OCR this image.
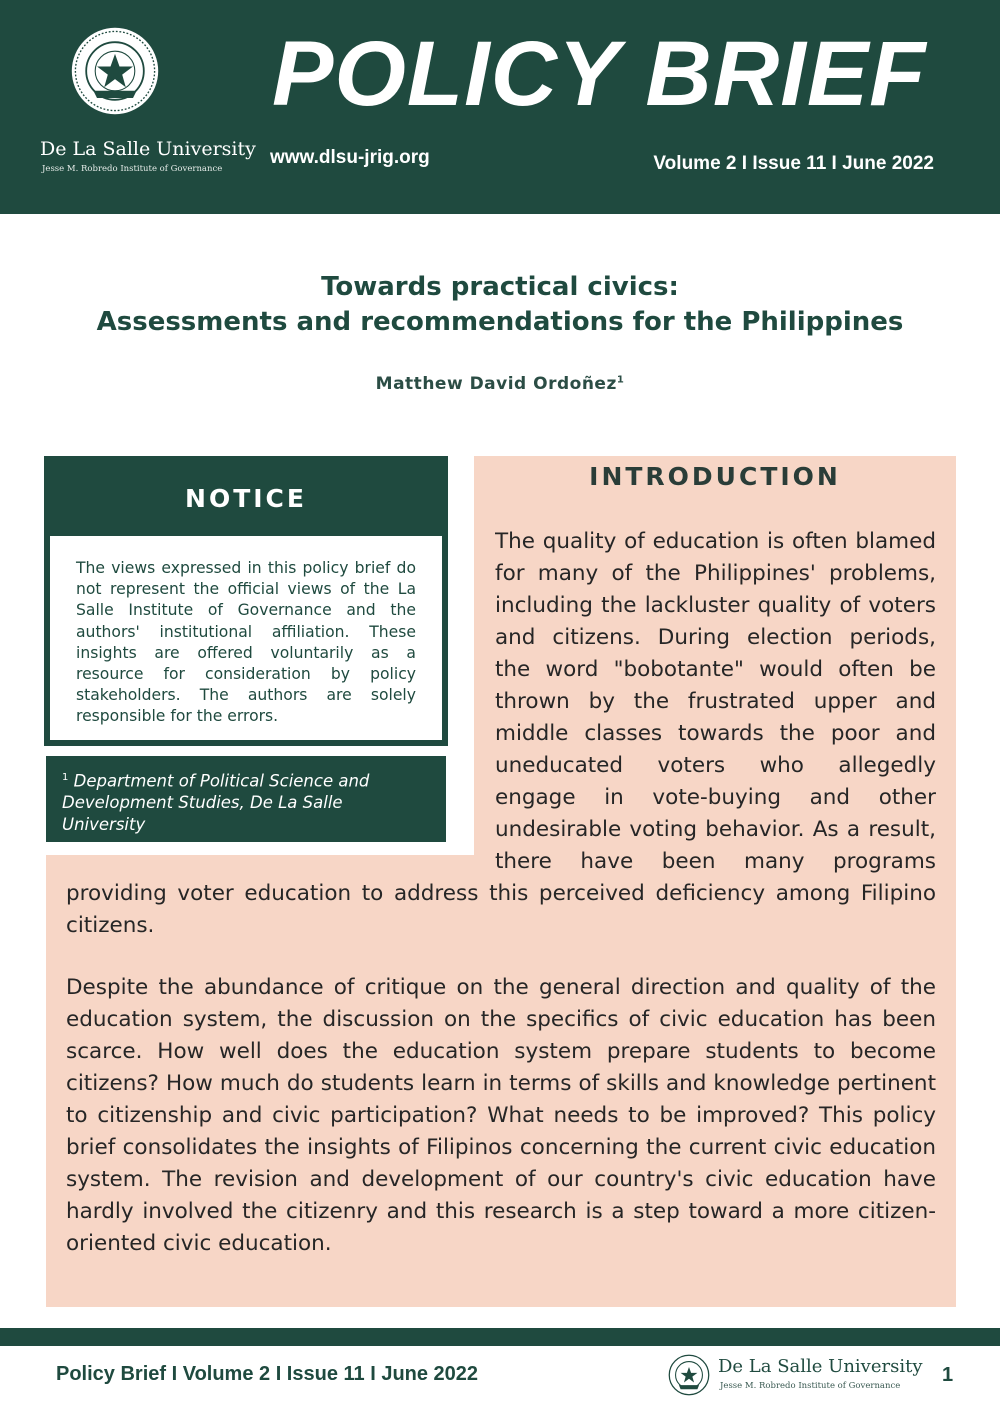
De La Salle University
Jesse M. Robredo Institute of Governance
POLICY BRIEF
www.dlsu-jrig.org	Volume 2 I Issue 11 I June 2022
Towards practical civics:
Assessments and recommendations for the Philippines
Matthew David Ordoñez$^1$
NOTICE
The views expressed in this policy brief do not represent the official views of the La Salle Institute of Governance and the authors' institutional affiliation. These insights are offered voluntarily as a resource for consideration by policy stakeholders. The authors are solely responsible for the errors.
$^1$ Department of Political Science and Development Studies, De La Salle University
INTRODUCTION
The quality of education is often blamed
for many of the Philippines' problems,
including the lackluster quality of voters
and citizens. During election periods,
the word "bobotante" would often be
thrown by the frustrated upper and
middle classes towards the poor and
uneducated voters who allegedly
engage in vote-buying and other
undesirable voting behavior. As a result,
there have been many programs
providing voter education to address this perceived deficiency among Filipino
citizens.
Despite the abundance of critique on the general direction and quality of the education system, the discussion on the specifics of civic education has been scarce. How well does the education system prepare students to become citizens? How much do students learn in terms of skills and knowledge pertinent to citizenship and civic participation? What needs to be improved? This policy brief consolidates the insights of Filipinos concerning the current civic education system. The revision and development of our country's civic education have hardly involved the citizenry and this research is a step toward a more citizen-oriented civic education.
Policy Brief I Volume 2 I Issue 11 I June 2022	De La Salle University
Jesse M. Robredo Institute of Governance 1
